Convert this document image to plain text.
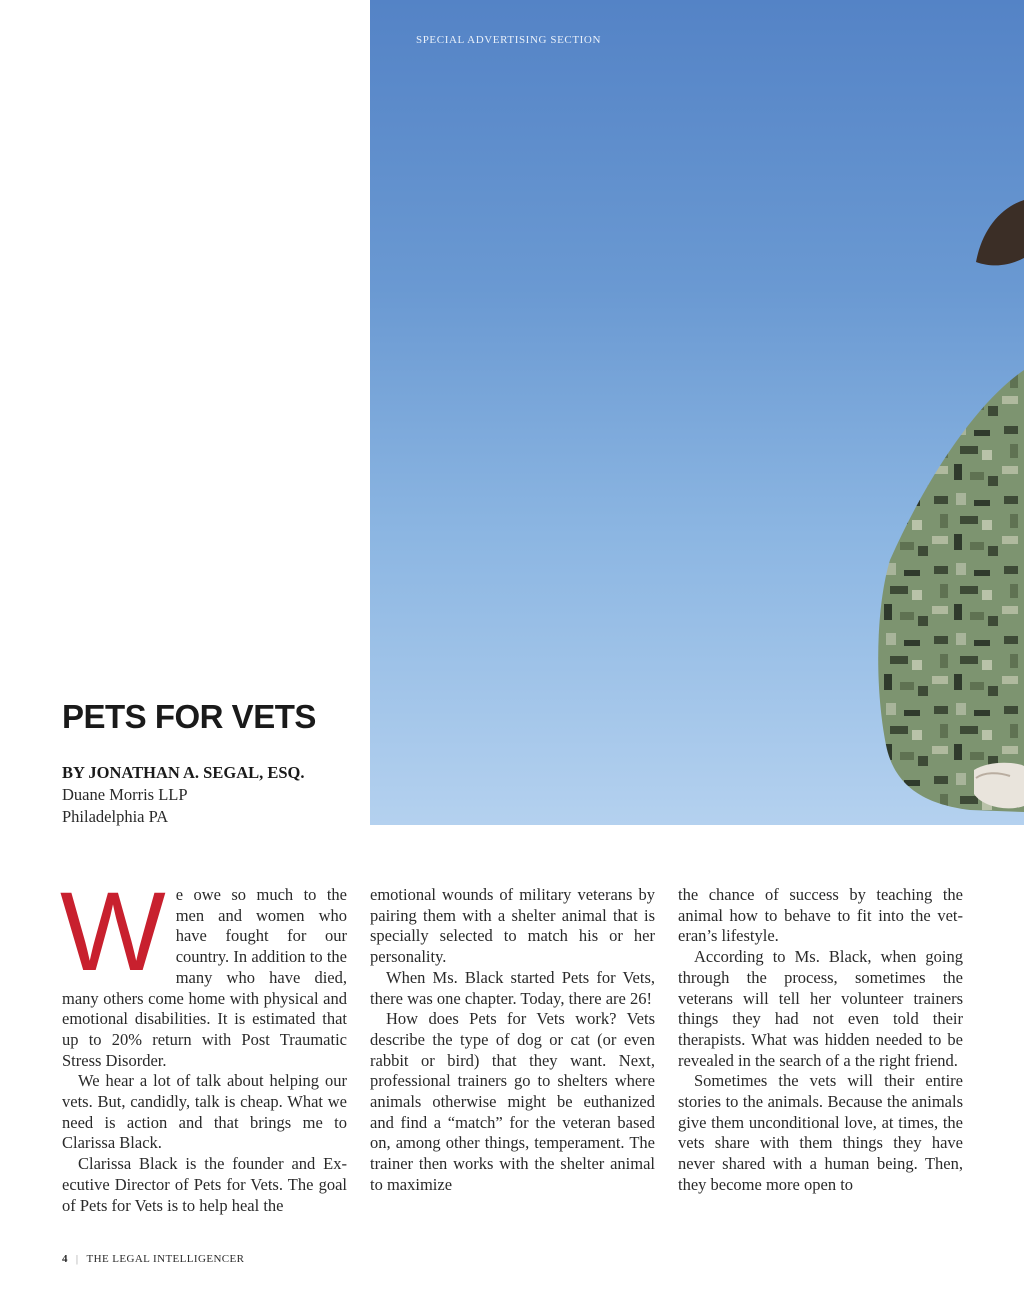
SPECIAL ADVERTISING SECTION
PETS FOR VETS
BY JONATHAN A. SEGAL, ESQ.
Duane Morris LLP
Philadelphia PA
W e owe so much to the men and women who have fought for our country. In addition to the many who have died, many others come home with physical and emotional disabilities. It is estimated that up to 20% return with Post Traumatic Stress Disorder.

We hear a lot of talk about helping our vets. But, candidly, talk is cheap. What we need is action and that brings me to Clarissa Black.

Clarissa Black is the founder and Executive Director of Pets for Vets. The goal of Pets for Vets is to help heal the

emotional wounds of military veterans by pairing them with a shelter animal that is specially selected to match his or her personality.

When Ms. Black started Pets for Vets, there was one chapter. Today, there are 26!

How does Pets for Vets work? Vets describe the type of dog or cat (or even rabbit or bird) that they want. Next, professional trainers go to shelters where animals otherwise might be euthanized and find a “match” for the veteran based on, among other things, temperament. The trainer then works with the shelter animal to maximize

the chance of success by teaching the animal how to behave to fit into the veteran’s lifestyle.

According to Ms. Black, when going through the process, sometimes the veterans will tell her volunteer trainers things they had not even told their therapists. What was hidden needed to be revealed in the search of a the right friend.

Sometimes the vets will their entire stories to the animals. Because the animals give them unconditional love, at times, the vets share with them things they have never shared with a human being. Then, they become more open to

4 | THE LEGAL INTELLIGENCER
